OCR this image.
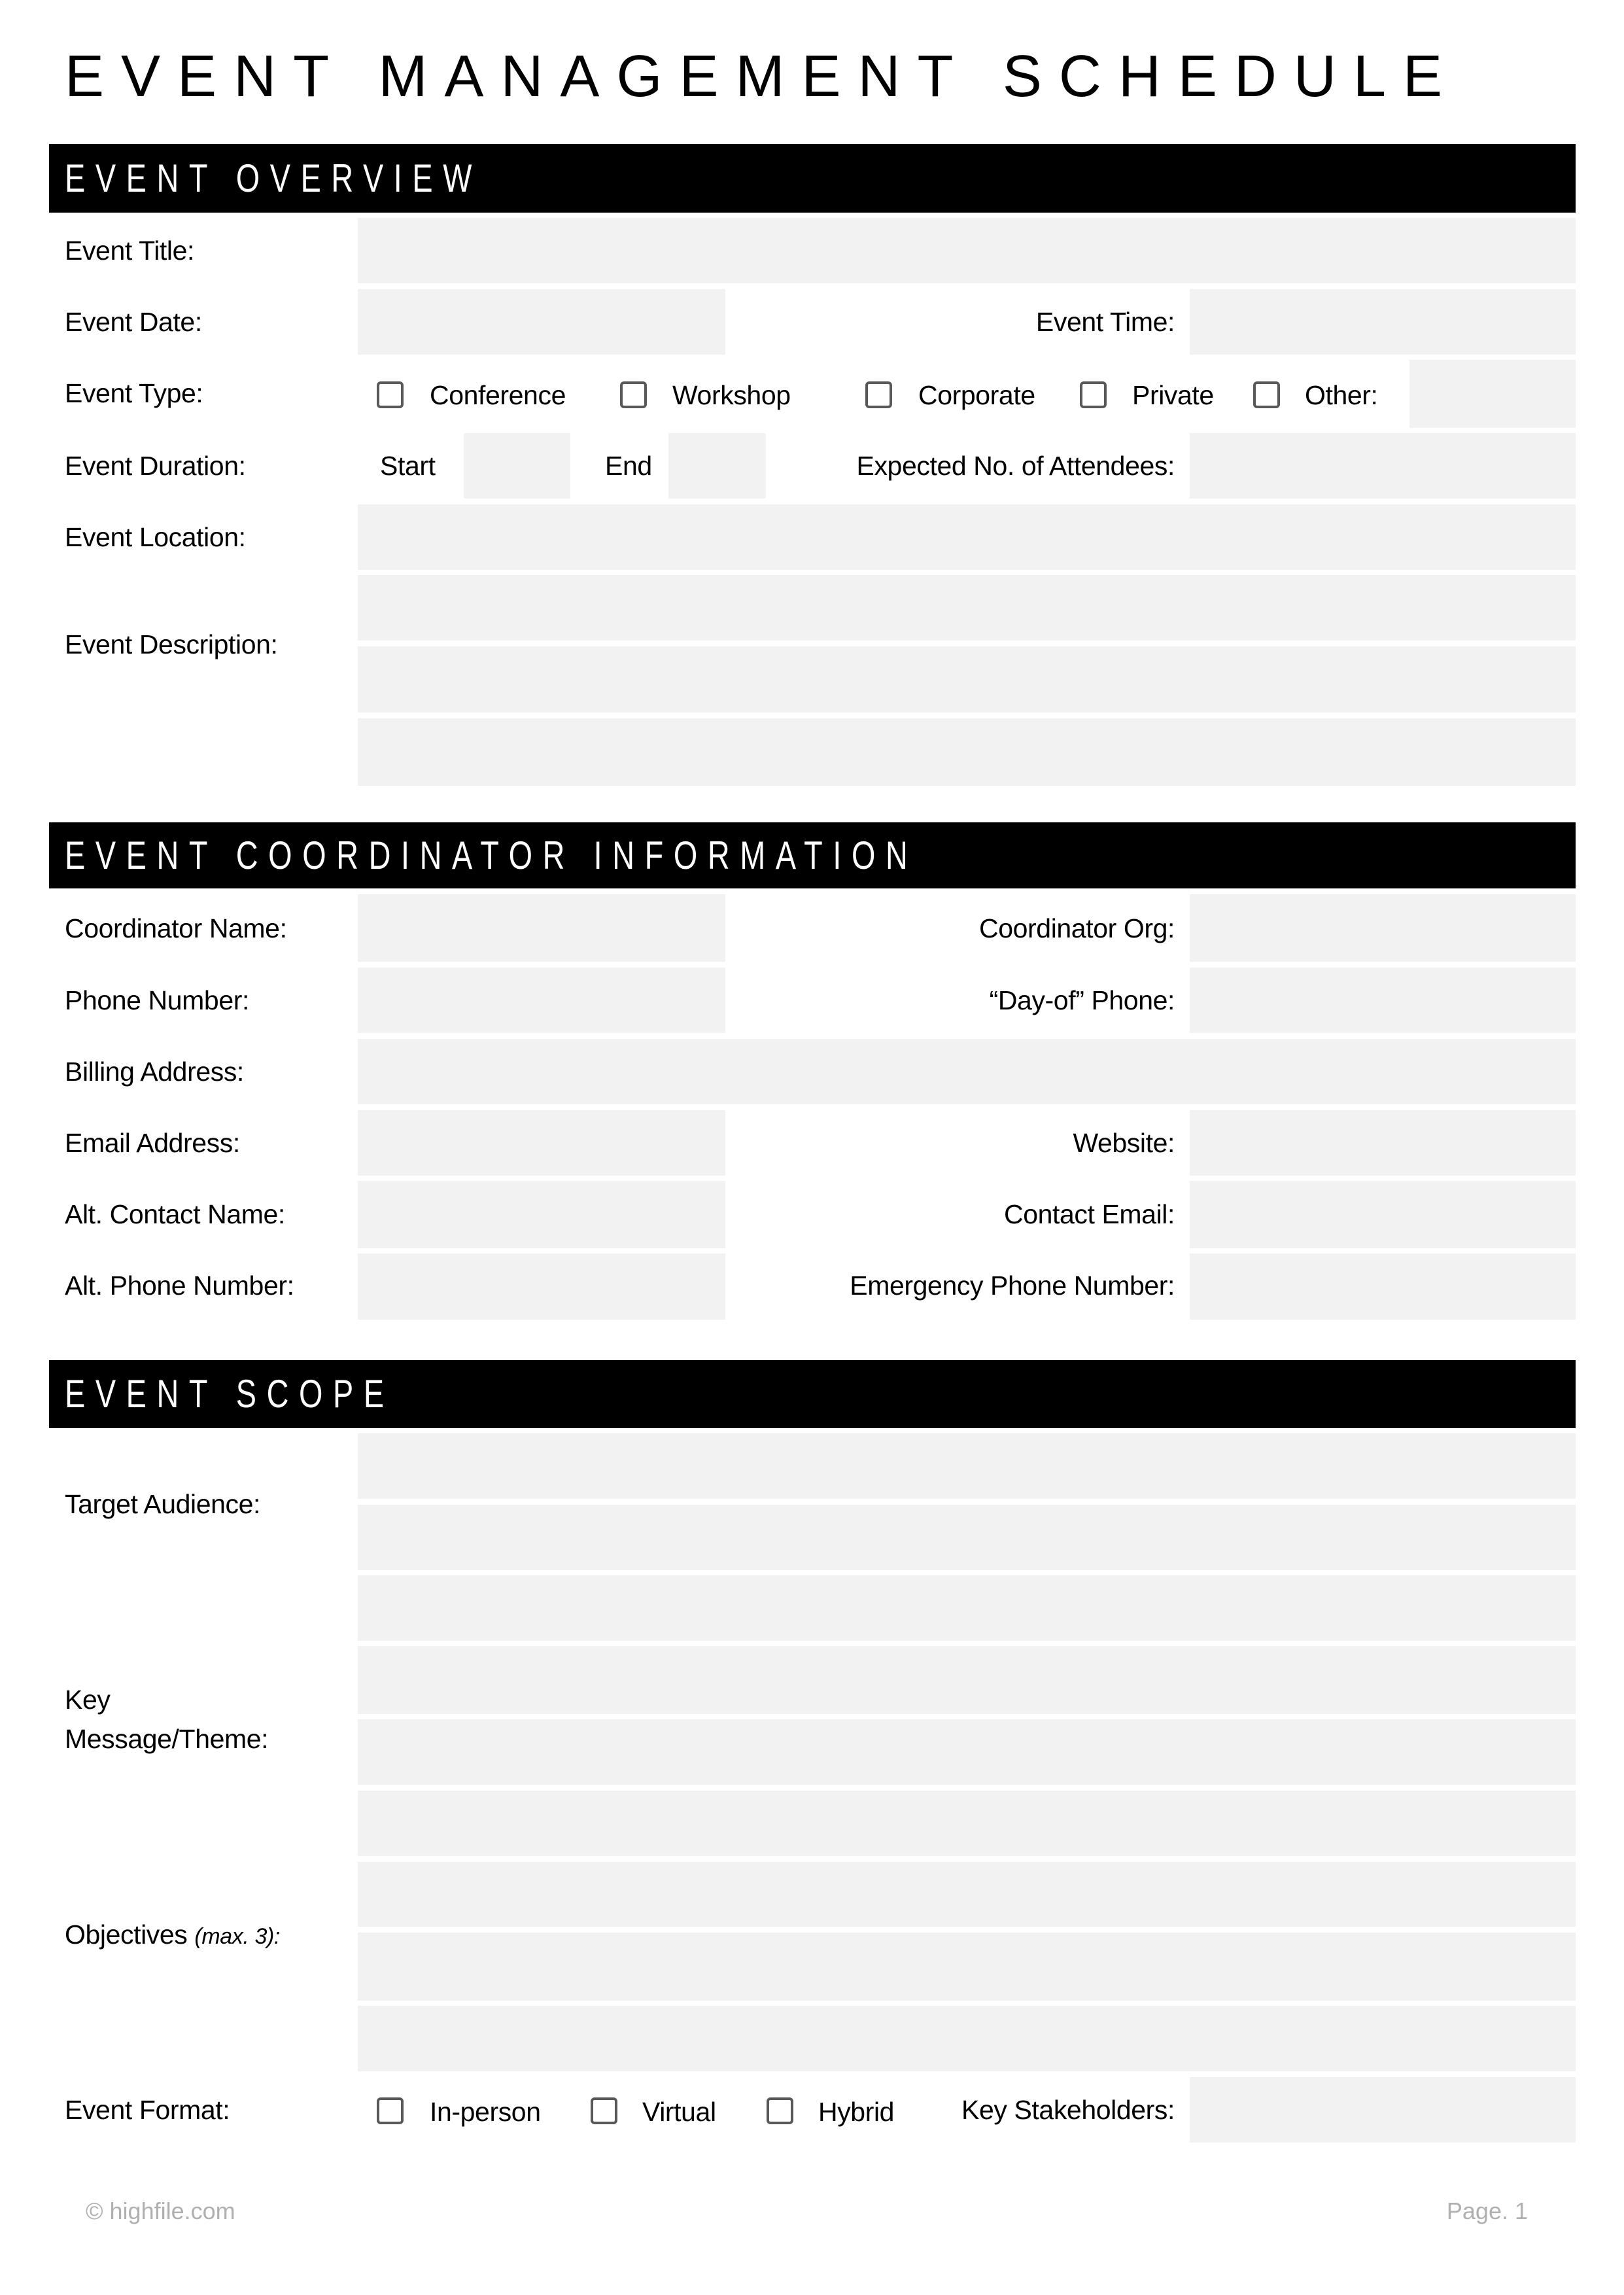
EVENT MANAGEMENT SCHEDULE
EVENT OVERVIEW
Event Title:
Event Date:	Event Time:
Event Type:	Conference	Workshop	Corporate	Private	Other:
Event Duration:	Start	End	Expected No. of Attendees:
Event Location:
Event Description:
EVENT COORDINATOR INFORMATION
Coordinator Name:	Coordinator Org:
Phone Number:	“Day-of” Phone:
Billing Address:
Email Address:	Website:
Alt. Contact Name:	Contact Email:
Alt. Phone Number:	Emergency Phone Number:
EVENT SCOPE
Target Audience:
Key
Message/Theme:
Objectives (max. 3):
Event Format:	In-person	Virtual	Hybrid	Key Stakeholders:
© highfile.com	Page. 1
